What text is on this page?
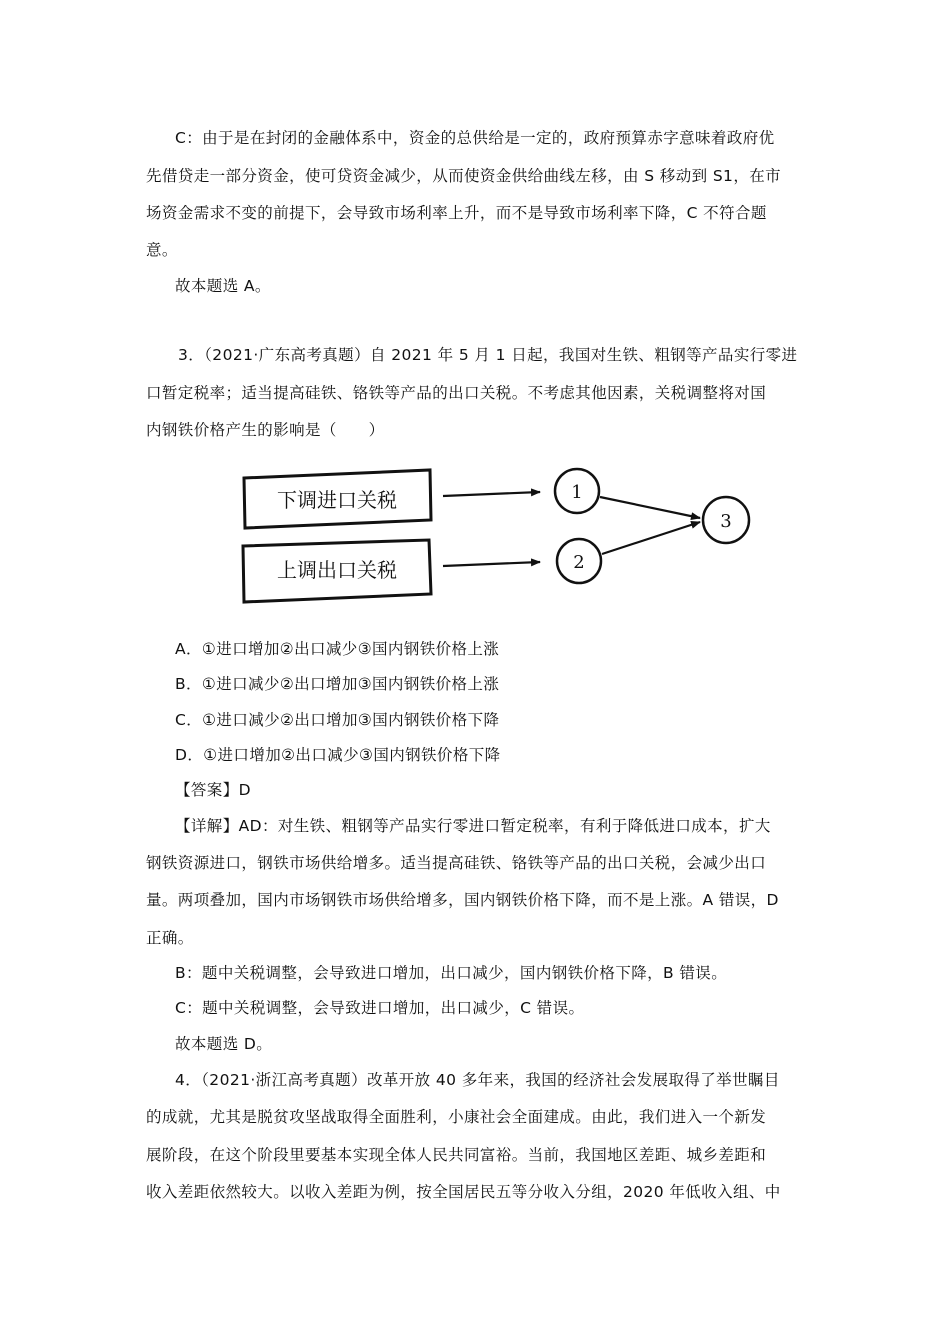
C：由于是在封闭的金融体系中，资金的总供给是一定的，政府预算赤字意味着政府优
先借贷走一部分资金，使可贷资金减少，从而使资金供给曲线左移，由 S 移动到 S1，在市
场资金需求不变的前提下，会导致市场利率上升，而不是导致市场利率下降，C 不符合题
意。
故本题选 A。
3．（2021·广东高考真题）自 2021 年 5 月 1 日起，我国对生铁、粗钢等产品实行零进
口暂定税率；适当提高硅铁、铬铁等产品的出口关税。不考虑其他因素，关税调整将对国
内钢铁价格产生的影响是（　　）
下调进口关税
上调出口关税
1
2
3
A．①进口增加②出口减少③国内钢铁价格上涨
B．①进口减少②出口增加③国内钢铁价格上涨
C．①进口减少②出口增加③国内钢铁价格下降
D．①进口增加②出口减少③国内钢铁价格下降
【答案】D
【详解】AD：对生铁、粗钢等产品实行零进口暂定税率，有利于降低进口成本，扩大
钢铁资源进口，钢铁市场供给增多。适当提高硅铁、铬铁等产品的出口关税，会减少出口
量。两项叠加，国内市场钢铁市场供给增多，国内钢铁价格下降，而不是上涨。A 错误，D
正确。
B：题中关税调整，会导致进口增加，出口减少，国内钢铁价格下降，B 错误。
C：题中关税调整，会导致进口增加，出口减少，C 错误。
故本题选 D。
4．（2021·浙江高考真题）改革开放 40 多年来，我国的经济社会发展取得了举世瞩目
的成就，尤其是脱贫攻坚战取得全面胜利，小康社会全面建成。由此，我们进入一个新发
展阶段，在这个阶段里要基本实现全体人民共同富裕。当前，我国地区差距、城乡差距和
收入差距依然较大。以收入差距为例，按全国居民五等分收入分组，2020 年低收入组、中
